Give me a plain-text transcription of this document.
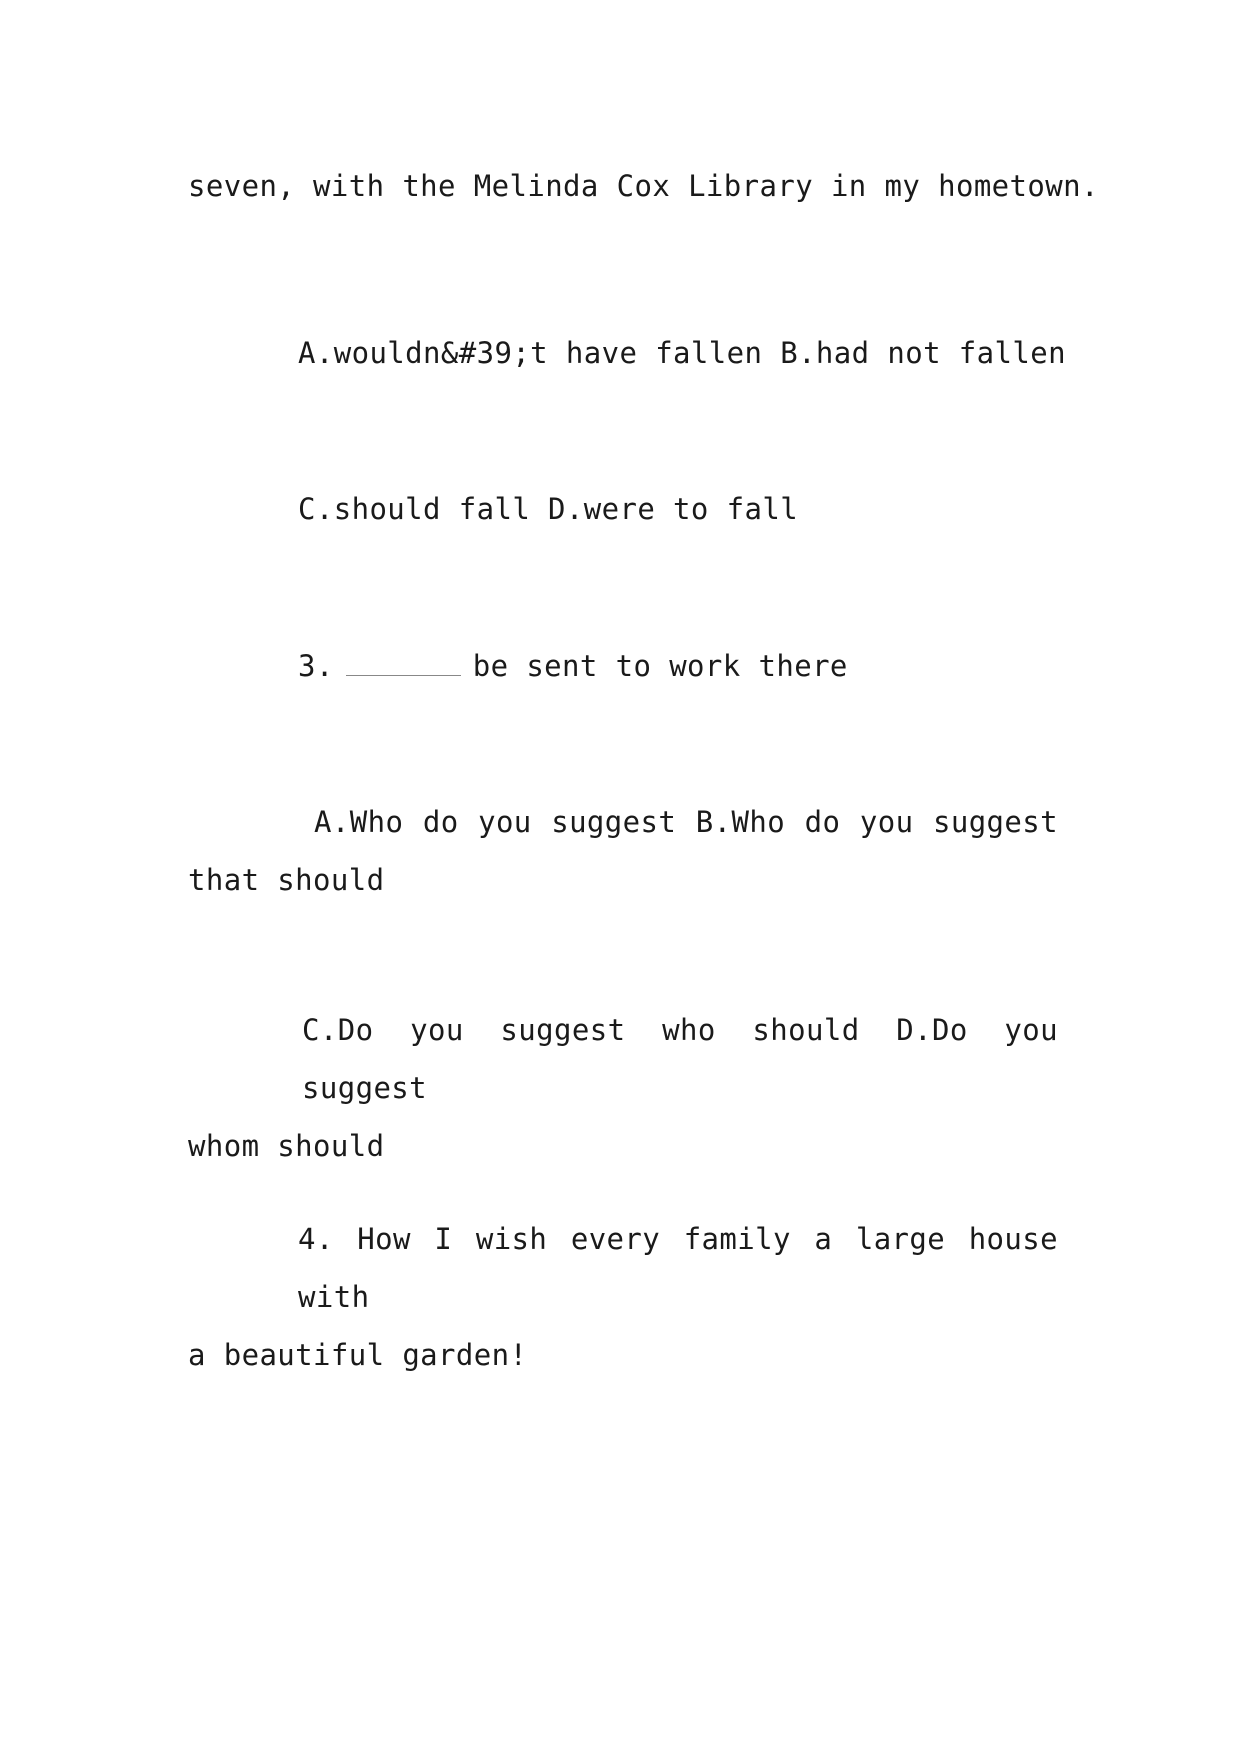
seven, with the Melinda Cox Library in my hometown.
A.wouldn&#39;t have fallen B.had not fallen
C.should fall D.were to fall
3.	be sent to work there
A.Who do you suggest B.Who do you suggest
that should
C.Do you suggest who should D.Do you suggest
whom should
4. How I wish every family a large house with
a beautiful garden!
